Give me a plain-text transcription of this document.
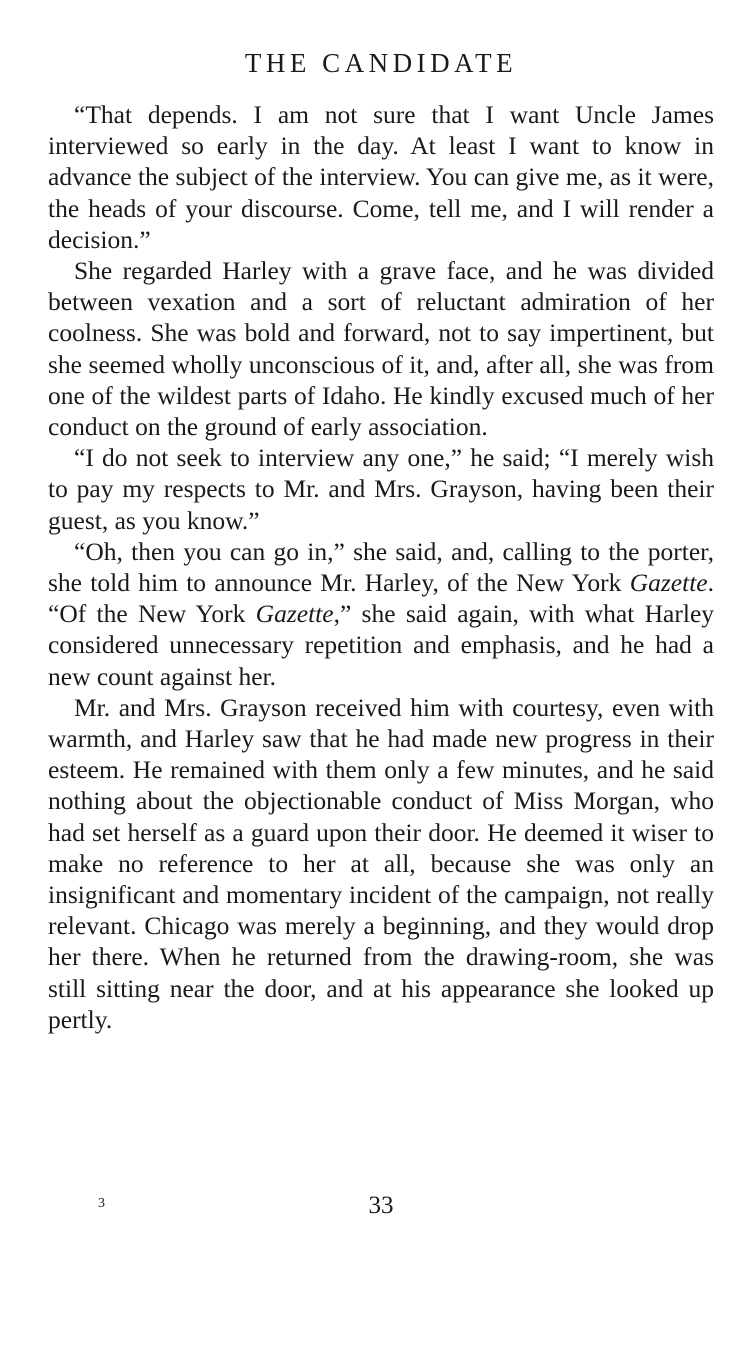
THE CANDIDATE

“That depends. I am not sure that I want Uncle James interviewed so early in the day. At least I want to know in advance the subject of the interview. You can give me, as it were, the heads of your discourse. Come, tell me, and I will render a decision.”

She regarded Harley with a grave face, and he was divided between vexation and a sort of reluctant admiration of her coolness. She was bold and forward, not to say impertinent, but she seemed wholly unconscious of it, and, after all, she was from one of the wildest parts of Idaho. He kindly excused much of her conduct on the ground of early association.

“I do not seek to interview any one,” he said; “I merely wish to pay my respects to Mr. and Mrs. Grayson, having been their guest, as you know.”

“Oh, then you can go in,” she said, and, calling to the porter, she told him to announce Mr. Harley, of the New York Gazette. “Of the New York Gazette,” she said again, with what Harley considered unnecessary repetition and emphasis, and he had a new count against her.

Mr. and Mrs. Grayson received him with courtesy, even with warmth, and Harley saw that he had made new progress in their esteem. He remained with them only a few minutes, and he said nothing about the objectionable conduct of Miss Morgan, who had set herself as a guard upon their door. He deemed it wiser to make no reference to her at all, because she was only an insignificant and momentary incident of the campaign, not really relevant. Chicago was merely a beginning, and they would drop her there. When he returned from the drawing-room, she was still sitting near the door, and at his appearance she looked up pertly.

3	33
